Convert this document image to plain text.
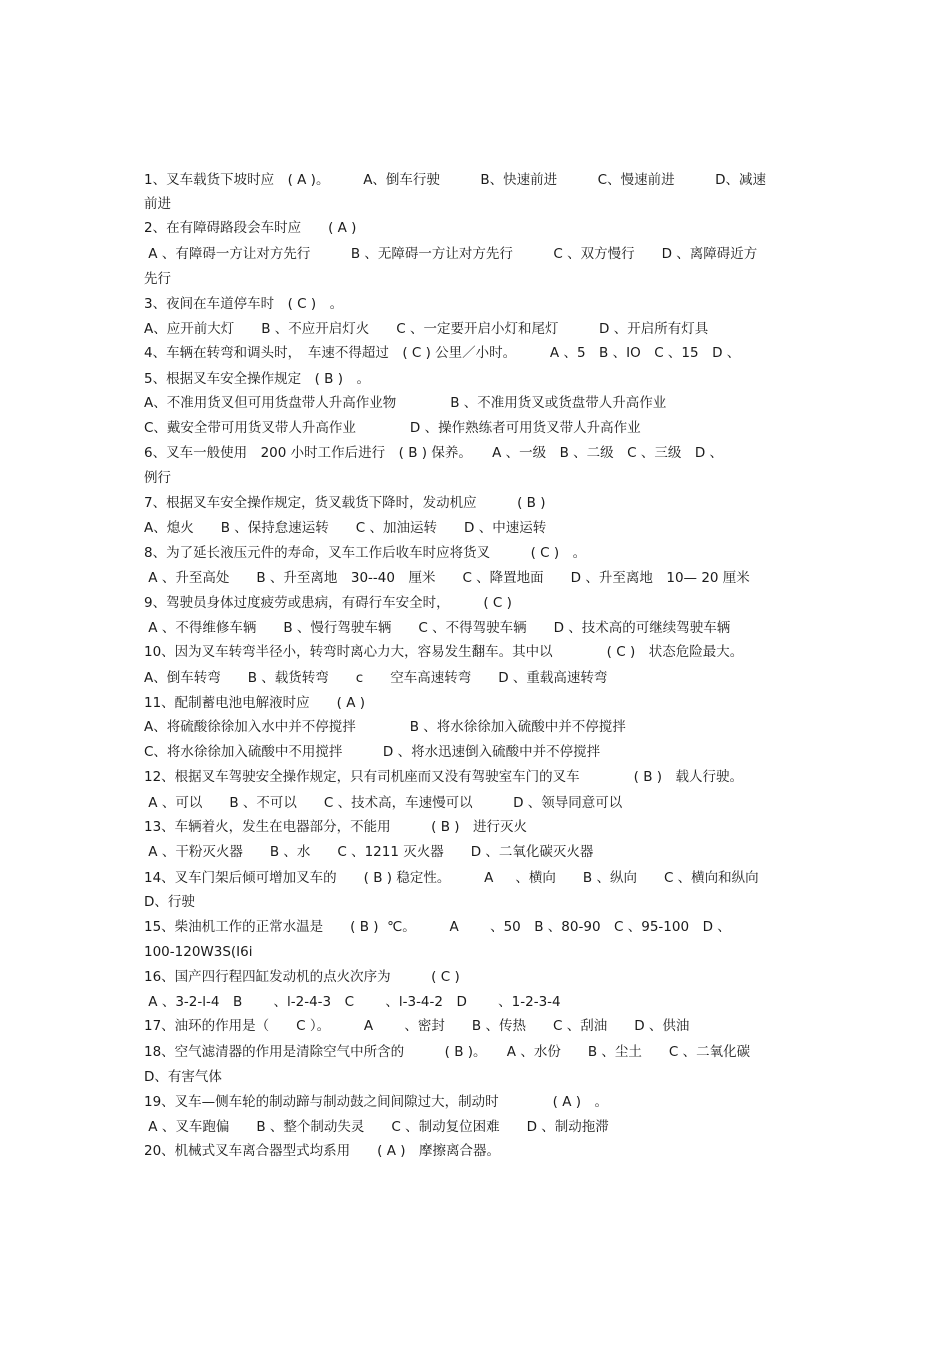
1、叉车载货下坡时应　( A )。　　　A、倒车行驶　　　B、快速前进　　　C、慢速前进　　　D、减速
前进
2、在有障碍路段会车时应　　( A )
A 、有障碍一方让对方先行　　　B 、无障碍一方让对方先行　　　C 、双方慢行　　D 、离障碍近方
先行
3、夜间在车道停车时　( C )　。
A、应开前大灯　　B 、不应开启灯火　　C 、一定要开启小灯和尾灯　　　D 、开启所有灯具
4、车辆在转弯和调头时，　车速不得超过　( C ) 公里／小时。　　　A 、5　B 、IO　C 、15　D 、
5、根据叉车安全操作规定　( B )　。
A、不准用货叉但可用货盘带人升高作业物　　　　B 、不准用货叉或货盘带人升高作业
C、戴安全带可用货叉带人升高作业　　　　D 、操作熟练者可用货叉带人升高作业
6、叉车一般使用　200 小时工作后进行　( B ) 保养。　　A 、一级　B 、二级　C 、三级　D 、
例行
7、根据叉车安全操作规定，货叉载货下降时，发动机应　　　( B )
A、熄火　　B 、保持怠速运转　　C 、加油运转　　D 、中速运转
8、为了延长液压元件的寿命，叉车工作后收车时应将货叉　　　( C )　。
A 、升至高处　　B 、升至离地　30--40　厘米　　C 、降置地面　　D 、升至离地　10— 20 厘米
9、驾驶员身体过度疲劳或患病，有碍行车安全时，　　　( C )
A 、不得维修车辆　　B 、慢行驾驶车辆　　C 、不得驾驶车辆　　D 、技术高的可继续驾驶车辆
10、因为叉车转弯半径小，转弯时离心力大，容易发生翻车。其中以　　　　( C )　状态危险最大。
A、倒车转弯　　B 、载货转弯　　c　　空车高速转弯　　D 、重载高速转弯
11、配制蓄电池电解液时应　　( A )
A、将硫酸徐徐加入水中并不停搅拌　　　　B 、将水徐徐加入硫酸中并不停搅拌
C、将水徐徐加入硫酸中不用搅拌　　　D 、将水迅速倒入硫酸中并不停搅拌
12、根据叉车驾驶安全操作规定，只有司机座而又没有驾驶室车门的叉车　　　　( B )　载人行驶。
A 、可以　　B 、不可以　　C 、技术高，车速慢可以　　　D 、领导同意可以
13、车辆着火，发生在电器部分，不能用　　　( B )　进行灭火
A 、干粉灭火器　　B 、水　　C 、1211 灭火器　　D 、二氧化碳灭火器
14、叉车门架后倾可增加叉车的　　( B ) 稳定性。　　　A 　 、横向　　B 、纵向　　C 、横向和纵向
D、行驶
15、柴油机工作的正常水温是　　( B )  ℃。　　　A　　 、50　B 、80-90　C 、95-100　D 、
100-120W3S(I6i
16、国产四行程四缸发动机的点火次序为　　　( C )
A 、3-2-l-4　B 　　、l-2-4-3　C 　　、l-3-4-2　D 　　、1-2-3-4
17、油环的作用是（　　C ）。　　　A 　　、密封　　B 、传热　　C 、刮油　　D 、供油
18、空气滤清器的作用是清除空气中所含的　　　( B )。　　A 、水份　　B 、尘土　　C 、二氧化碳
D、有害气体
19、叉车—侧车轮的制动蹄与制动鼓之间间隙过大，制动时　　　　( A )　。
A 、叉车跑偏　　B 、整个制动失灵　　C 、制动复位困难　　D 、制动拖滞
20、机械式叉车离合器型式均系用　　( A )　摩擦离合器。
